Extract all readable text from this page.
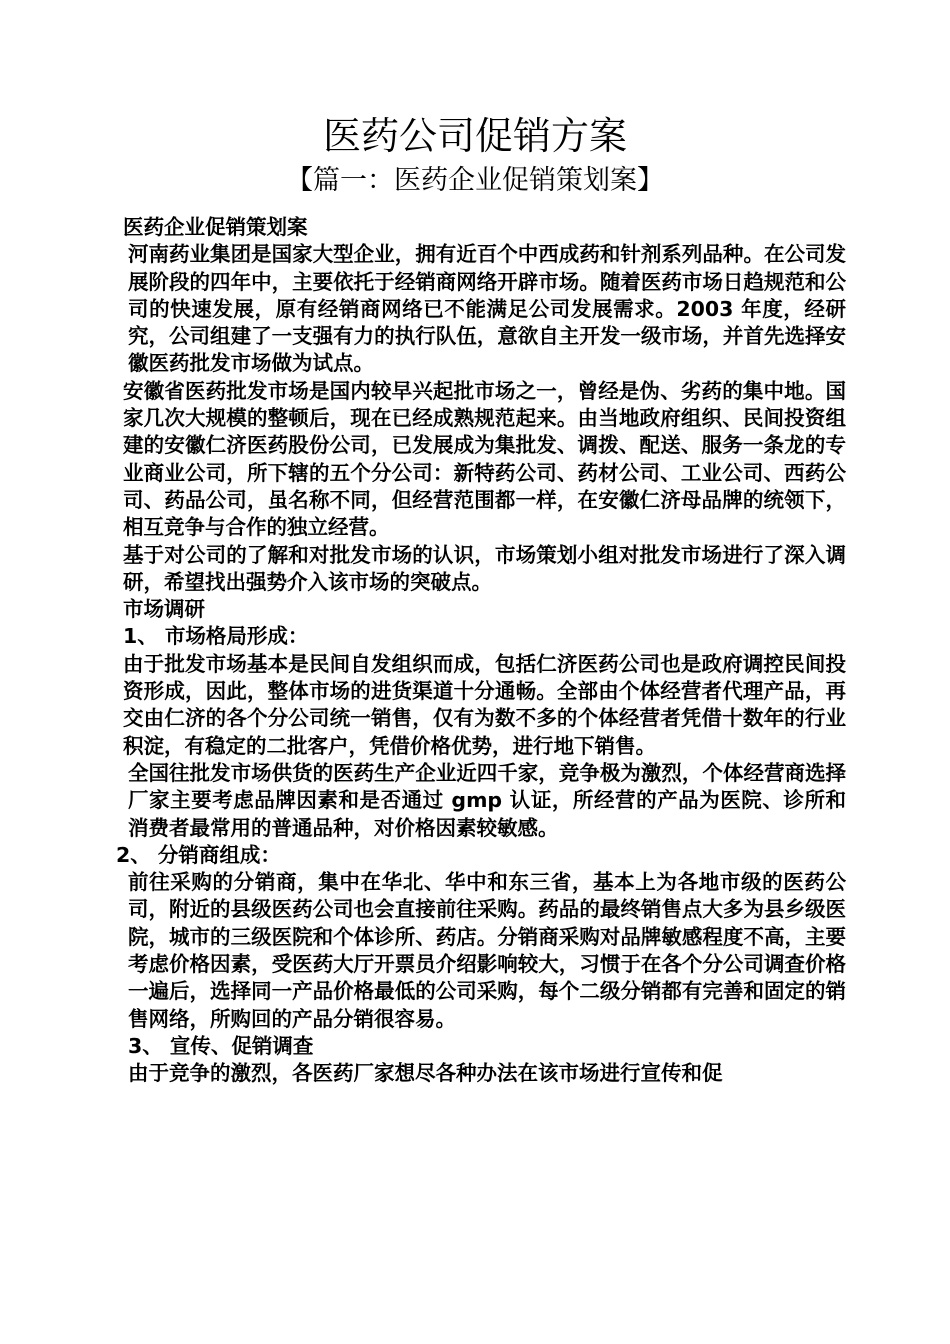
医药公司促销方案
【篇一：医药企业促销策划案】

医药企业促销策划案

河南药业集团是国家大型企业，拥有近百个中西成药和针剂系列品种。在公司发展阶段的四年中，主要依托于经销商网络开辟市场。随着医药市场日趋规范和公司的快速发展，原有经销商网络已不能满足公司发展需求。2003 年度，经研究，公司组建了一支强有力的执行队伍，意欲自主开发一级市场，并首先选择安徽医药批发市场做为试点。

安徽省医药批发市场是国内较早兴起批市场之一，曾经是伪、劣药的集中地。国家几次大规模的整顿后，现在已经成熟规范起来。由当地政府组织、民间投资组建的安徽仁济医药股份公司，已发展成为集批发、调拨、配送、服务一条龙的专业商业公司，所下辖的五个分公司：新特药公司、药材公司、工业公司、西药公司、药品公司，虽名称不同，但经营范围都一样，在安徽仁济母品牌的统领下，相互竞争与合作的独立经营。

基于对公司的了解和对批发市场的认识，市场策划小组对批发市场进行了深入调研，希望找出强势介入该市场的突破点。

市场调研

1、 市场格局形成：

由于批发市场基本是民间自发组织而成，包括仁济医药公司也是政府调控民间投资形成，因此，整体市场的进货渠道十分通畅。全部由个体经营者代理产品，再交由仁济的各个分公司统一销售，仅有为数不多的个体经营者凭借十数年的行业积淀，有稳定的二批客户，凭借价格优势，进行地下销售。

全国往批发市场供货的医药生产企业近四千家，竞争极为激烈，个体经营商选择厂家主要考虑品牌因素和是否通过 gmp 认证，所经营的产品为医院、诊所和消费者最常用的普通品种，对价格因素较敏感。

2、 分销商组成：

前往采购的分销商，集中在华北、华中和东三省，基本上为各地市级的医药公司，附近的县级医药公司也会直接前往采购。药品的最终销售点大多为县乡级医院，城市的三级医院和个体诊所、药店。分销商采购对品牌敏感程度不高，主要考虑价格因素，受医药大厅开票员介绍影响较大，习惯于在各个分公司调查价格一遍后，选择同一产品价格最低的公司采购，每个二级分销都有完善和固定的销售网络，所购回的产品分销很容易。

3、 宣传、促销调查

由于竞争的激烈，各医药厂家想尽各种办法在该市场进行宣传和促
